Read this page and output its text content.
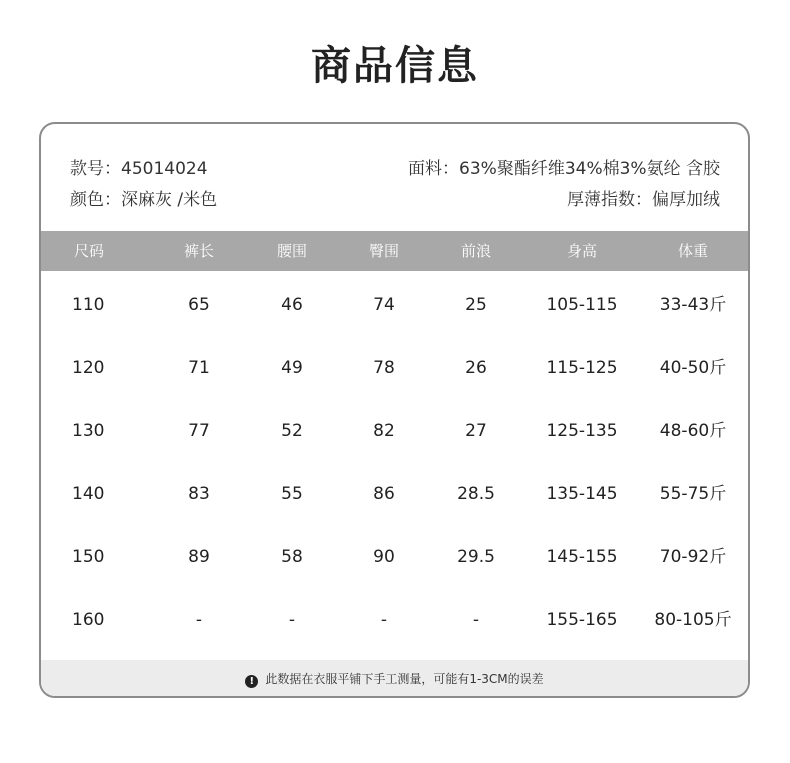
商品信息
款号：45014024
颜色：深麻灰 /米色
面料：63%聚酯纤维34%棉3%氨纶 含胶
厚薄指数：偏厚加绒
尺码	裤长	腰围	臀围	前浪	身高	体重
110	65	46	74	25	105-115	33-43斤
120	71	49	78	26	115-125	40-50斤
130	77	52	82	27	125-135	48-60斤
140	83	55	86	28.5	135-145	55-75斤
150	89	58	90	29.5	145-155	70-92斤
160	-	-	-	-	155-165	80-105斤
! 此数据在衣服平铺下手工测量，可能有1-3CM的误差
